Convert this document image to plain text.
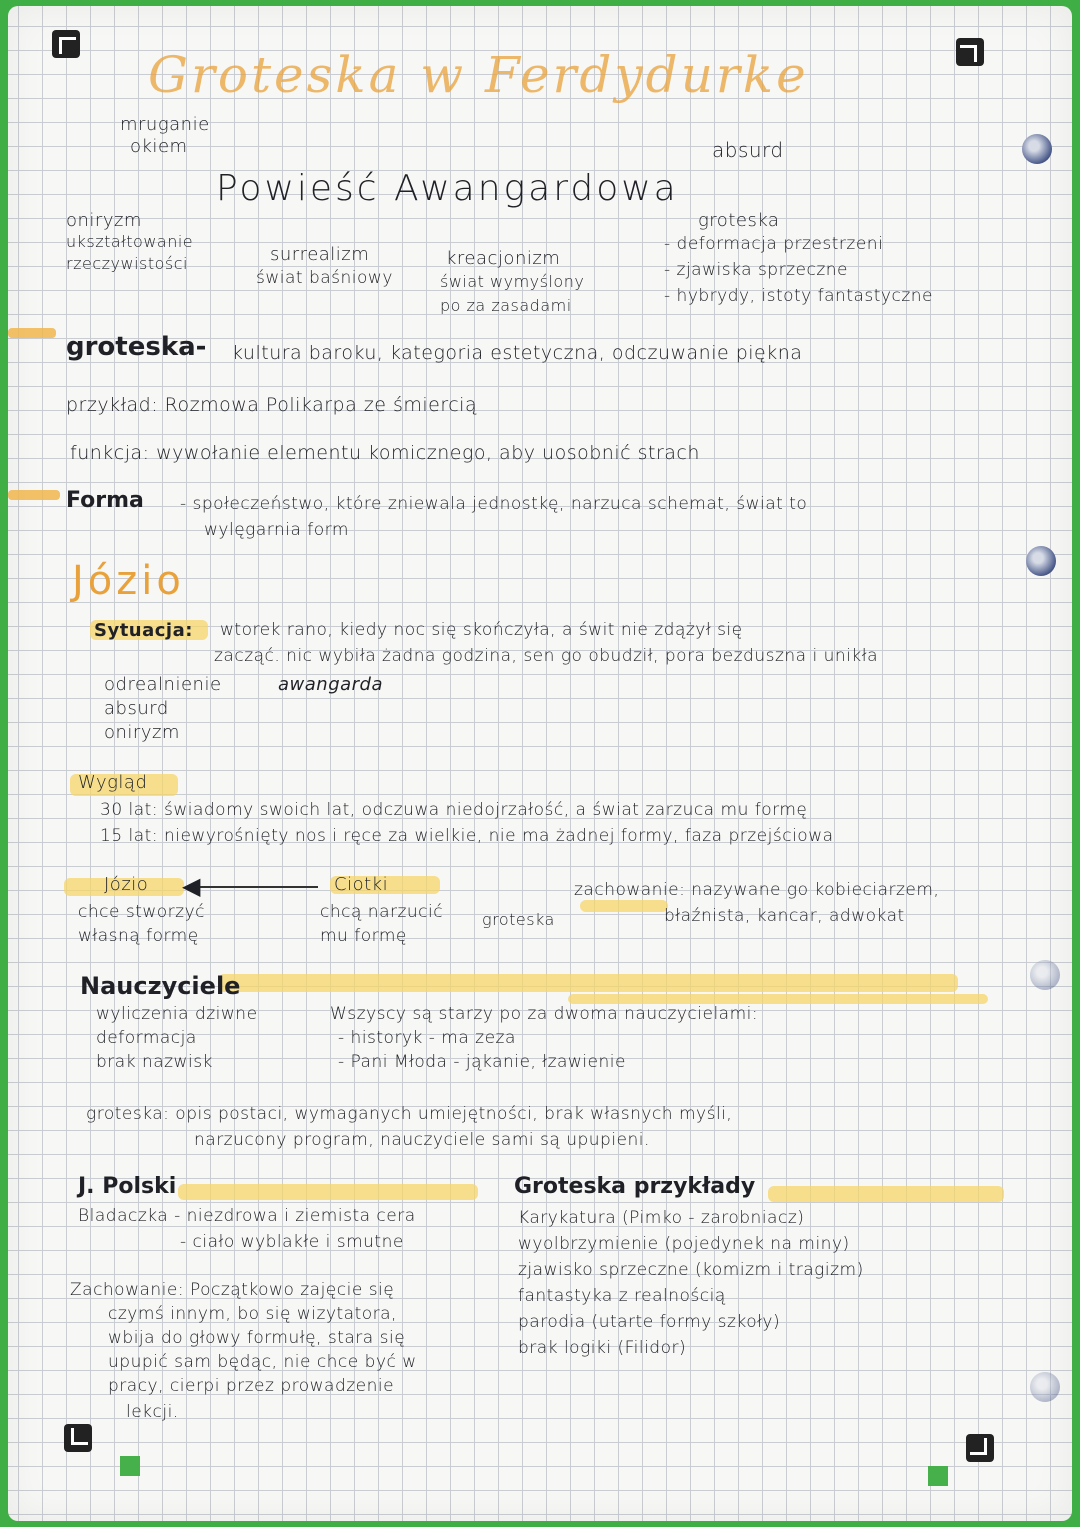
Groteska w Ferdydurke
mruganie
okiem	absurd
Powieść Awangardowa
oniryzm
ukształtowanie
rzeczywistości	surrealizm
świat baśniowy
kreacjonizm
świat wymyślony
po za zasadami
groteska
- deformacja przestrzeni
- zjawiska sprzeczne
- hybrydy, istoty fantastyczne
groteska- kultura baroku, kategoria estetyczna, odczuwanie piękna
przykład: Rozmowa Polikarpa ze śmiercią
funkcja: wywołanie elementu komicznego, aby uosobnić strach
Forma - społeczeństwo, które zniewala jednostkę, narzuca schemat, świat to
wylęgarnia form
Józio
Sytuacja: wtorek rano, kiedy noc się skończyła, a świt nie zdążył się
zacząć. nic wybiła żadna godzina, sen go obudził, pora bezduszna i unikła
odrealnienie
absurd
oniryzm
awangarda
Wygląd
30 lat: świadomy swoich lat, odczuwa niedojrzałość, a świat zarzuca mu formę
15 lat: niewyrośnięty nos i ręce za wielkie, nie ma żadnej formy, faza przejściowa
Józio
chce stworzyć
własną formę
◀	Ciotki
chcą narzucić
mu formę
groteska
zachowanie: nazywane go kobieciarzem,
błaźnista, kancar, adwokat
Nauczyciele
wyliczenia dziwne
deformacja
brak nazwisk
Wszyscy są starzy po za dwoma nauczycielami:
- historyk - ma zeza
- Pani Młoda - jąkanie, łzawienie
groteska: opis postaci, wymaganych umiejętności, brak własnych myśli,
narzucony program, nauczyciele sami są upupieni.
J. Polski
Bladaczka - niezdrowa i ziemista cera
- ciało wyblakłe i smutne
Zachowanie: Początkowo zajęcie się
czymś innym, bo się wizytatora,
wbija do głowy formułę, stara się
upupić sam będąc, nie chce być w
pracy, cierpi przez prowadzenie
lekcji.
Groteska przykłady
Karykatura (Pimko - zarobniacz)
wyolbrzymienie (pojedynek na miny)
zjawisko sprzeczne (komizm i tragizm)
fantastyka z realnością
parodia (utarte formy szkoły)
brak logiki (Filidor)
